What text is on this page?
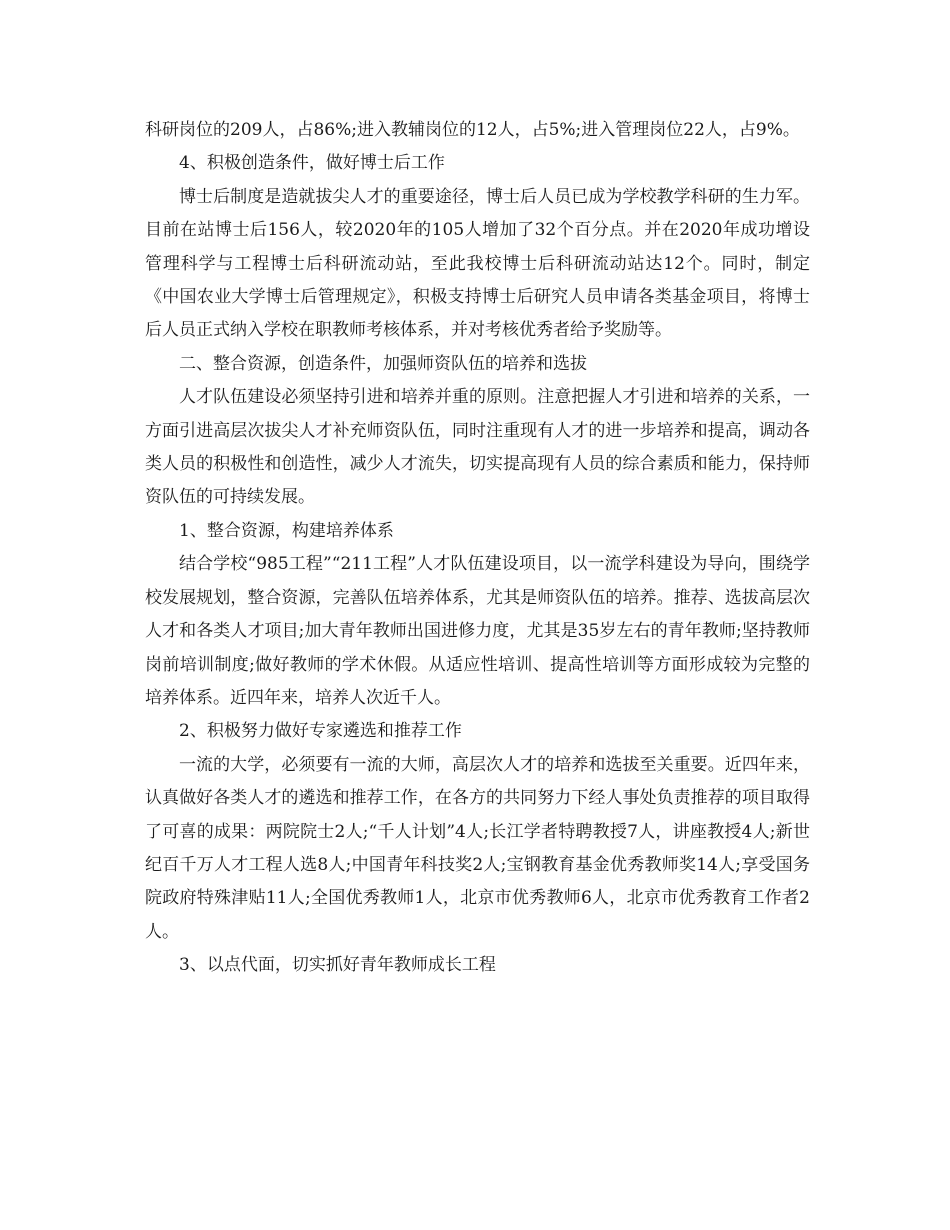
科研岗位的209人，占86%;进入教辅岗位的12人，占5%;进入管理岗位22人，占9%。

4、积极创造条件，做好博士后工作

博士后制度是造就拔尖人才的重要途径，博士后人员已成为学校教学科研的生力军。目前在站博士后156人，较2020年的105人增加了32个百分点。并在2020年成功增设管理科学与工程博士后科研流动站，至此我校博士后科研流动站达12个。同时，制定《中国农业大学博士后管理规定》，积极支持博士后研究人员申请各类基金项目，将博士后人员正式纳入学校在职教师考核体系，并对考核优秀者给予奖励等。

二、整合资源，创造条件，加强师资队伍的培养和选拔

人才队伍建设必须坚持引进和培养并重的原则。注意把握人才引进和培养的关系，一方面引进高层次拔尖人才补充师资队伍，同时注重现有人才的进一步培养和提高，调动各类人员的积极性和创造性，减少人才流失，切实提高现有人员的综合素质和能力，保持师资队伍的可持续发展。

1、整合资源，构建培养体系

结合学校“985工程”“211工程”人才队伍建设项目，以一流学科建设为导向，围绕学校发展规划，整合资源，完善队伍培养体系，尤其是师资队伍的培养。推荐、选拔高层次人才和各类人才项目;加大青年教师出国进修力度，尤其是35岁左右的青年教师;坚持教师岗前培训制度;做好教师的学术休假。从适应性培训、提高性培训等方面形成较为完整的培养体系。近四年来，培养人次近千人。

2、积极努力做好专家遴选和推荐工作

一流的大学，必须要有一流的大师，高层次人才的培养和选拔至关重要。近四年来，认真做好各类人才的遴选和推荐工作，在各方的共同努力下经人事处负责推荐的项目取得了可喜的成果：两院院士2人;“千人计划”4人;长江学者特聘教授7人，讲座教授4人;新世纪百千万人才工程人选8人;中国青年科技奖2人;宝钢教育基金优秀教师奖14人;享受国务院政府特殊津贴11人;全国优秀教师1人，北京市优秀教师6人，北京市优秀教育工作者2人。

3、以点代面，切实抓好青年教师成长工程
